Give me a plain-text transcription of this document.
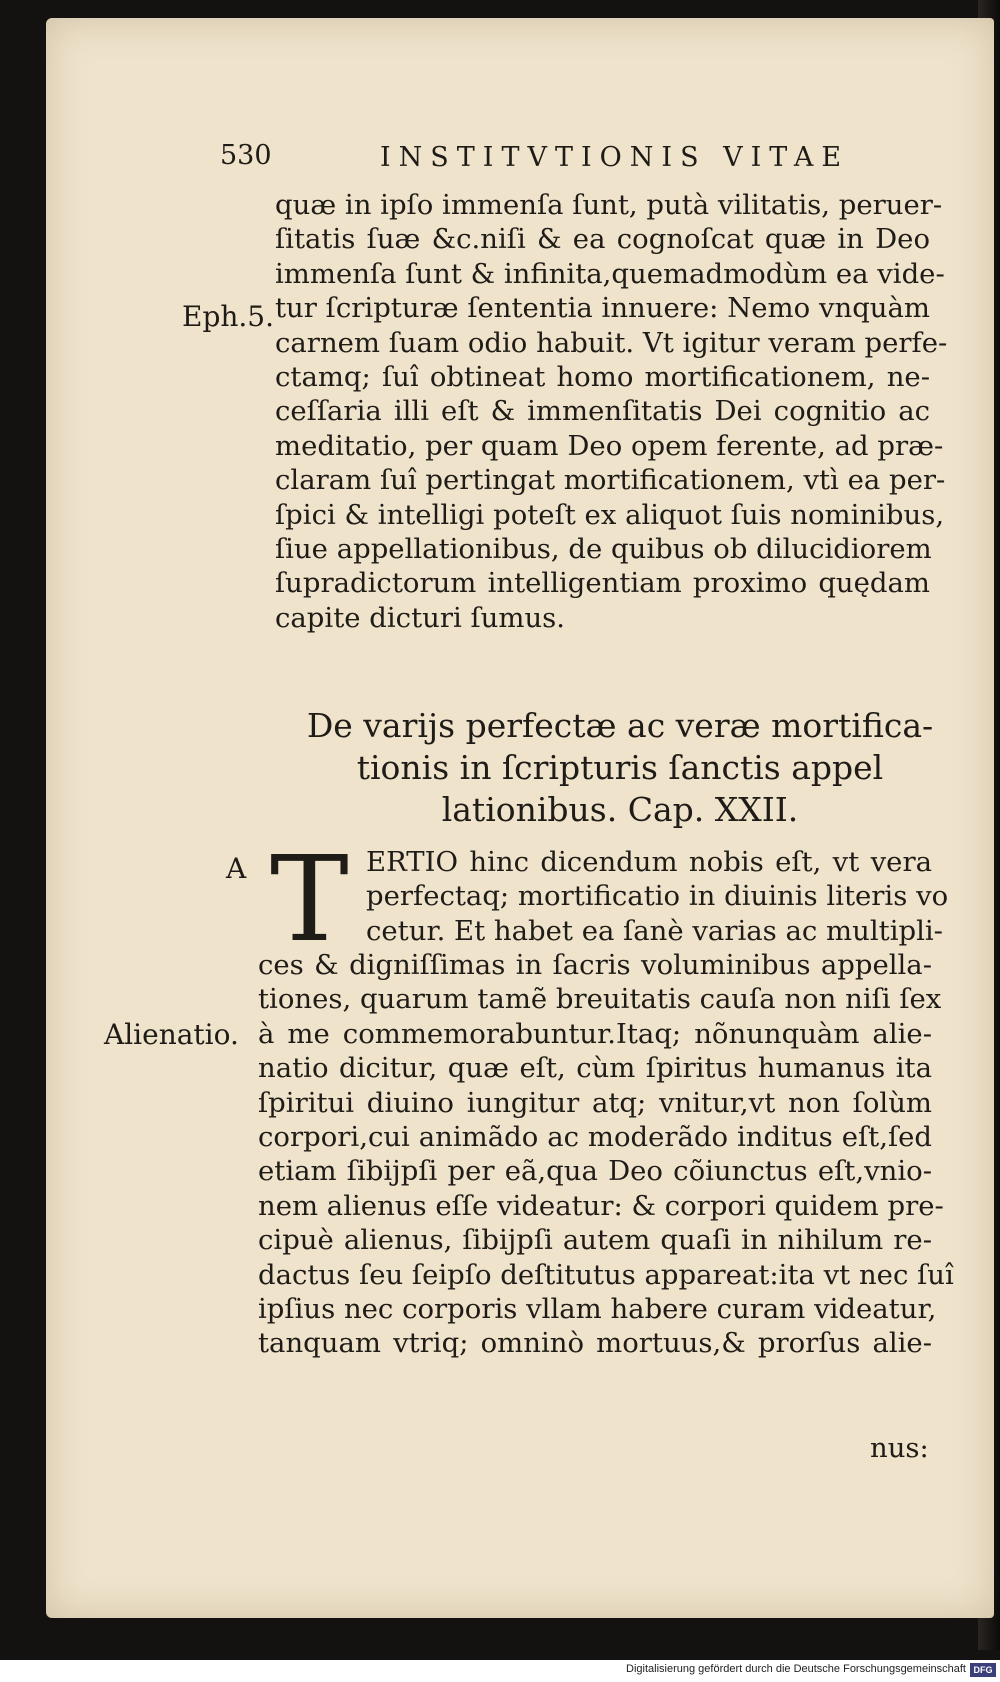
530	INSTITVTIONIS VITAE
quæ in ipſo immenſa ſunt, putà vilitatis, peruer-
ſitatis ſuæ &c.niſi & ea cognoſcat quæ in Deo
immenſa ſunt & infinita,quemadmodùm ea vide-
tur ſcripturæ ſententia innuere: Nemo vnquàm
carnem ſuam odio habuit. Vt igitur veram perfe-
ctamq; ſuî obtineat homo mortificationem, ne-
ceſſaria illi eſt & immenſitatis Dei cognitio ac
meditatio, per quam Deo opem ferente, ad præ-
claram ſuî pertingat mortificationem, vtì ea per-
ſpici & intelligi poteſt ex aliquot ſuis nominibus,
ſiue appellationibus, de quibus ob dilucidiorem
ſupradictorum intelligentiam proximo quędam
capite dicturi ſumus.
Eph.5.
De varijs perfectæ ac veræ mortifica-
tionis in ſcripturis ſanctis appel
lationibus. Cap. XXII.
A T ERTIO hinc dicendum nobis eſt, vt vera
perfectaq; mortificatio in diuinis literis vo
cetur. Et habet ea ſanè varias ac multipli-
ces & digniſſimas in ſacris voluminibus appella-
tiones, quarum tamẽ breuitatis cauſa non niſi ſex
à me commemorabuntur.Itaq; nõnunquàm alie-
natio dicitur, quæ eſt, cùm ſpiritus humanus ita
ſpiritui diuino iungitur atq; vnitur,vt non ſolùm
corpori,cui animãdo ac moderãdo inditus eſt,ſed
etiam ſibijpſi per eã,qua Deo cõiunctus eſt,vnio-
nem alienus eſſe videatur: & corpori quidem pre-
cipuè alienus, ſibijpſi autem quaſi in nihilum re-
dactus ſeu ſeipſo deſtitutus appareat:ita vt nec ſuî
ipſius nec corporis vllam habere curam videatur,
tanquam vtriq; omninò mortuus,& prorſus alie-
Alienatio.
nus:
Digitalisierung gefördert durch die Deutsche Forschungsgemeinschaft DFG
